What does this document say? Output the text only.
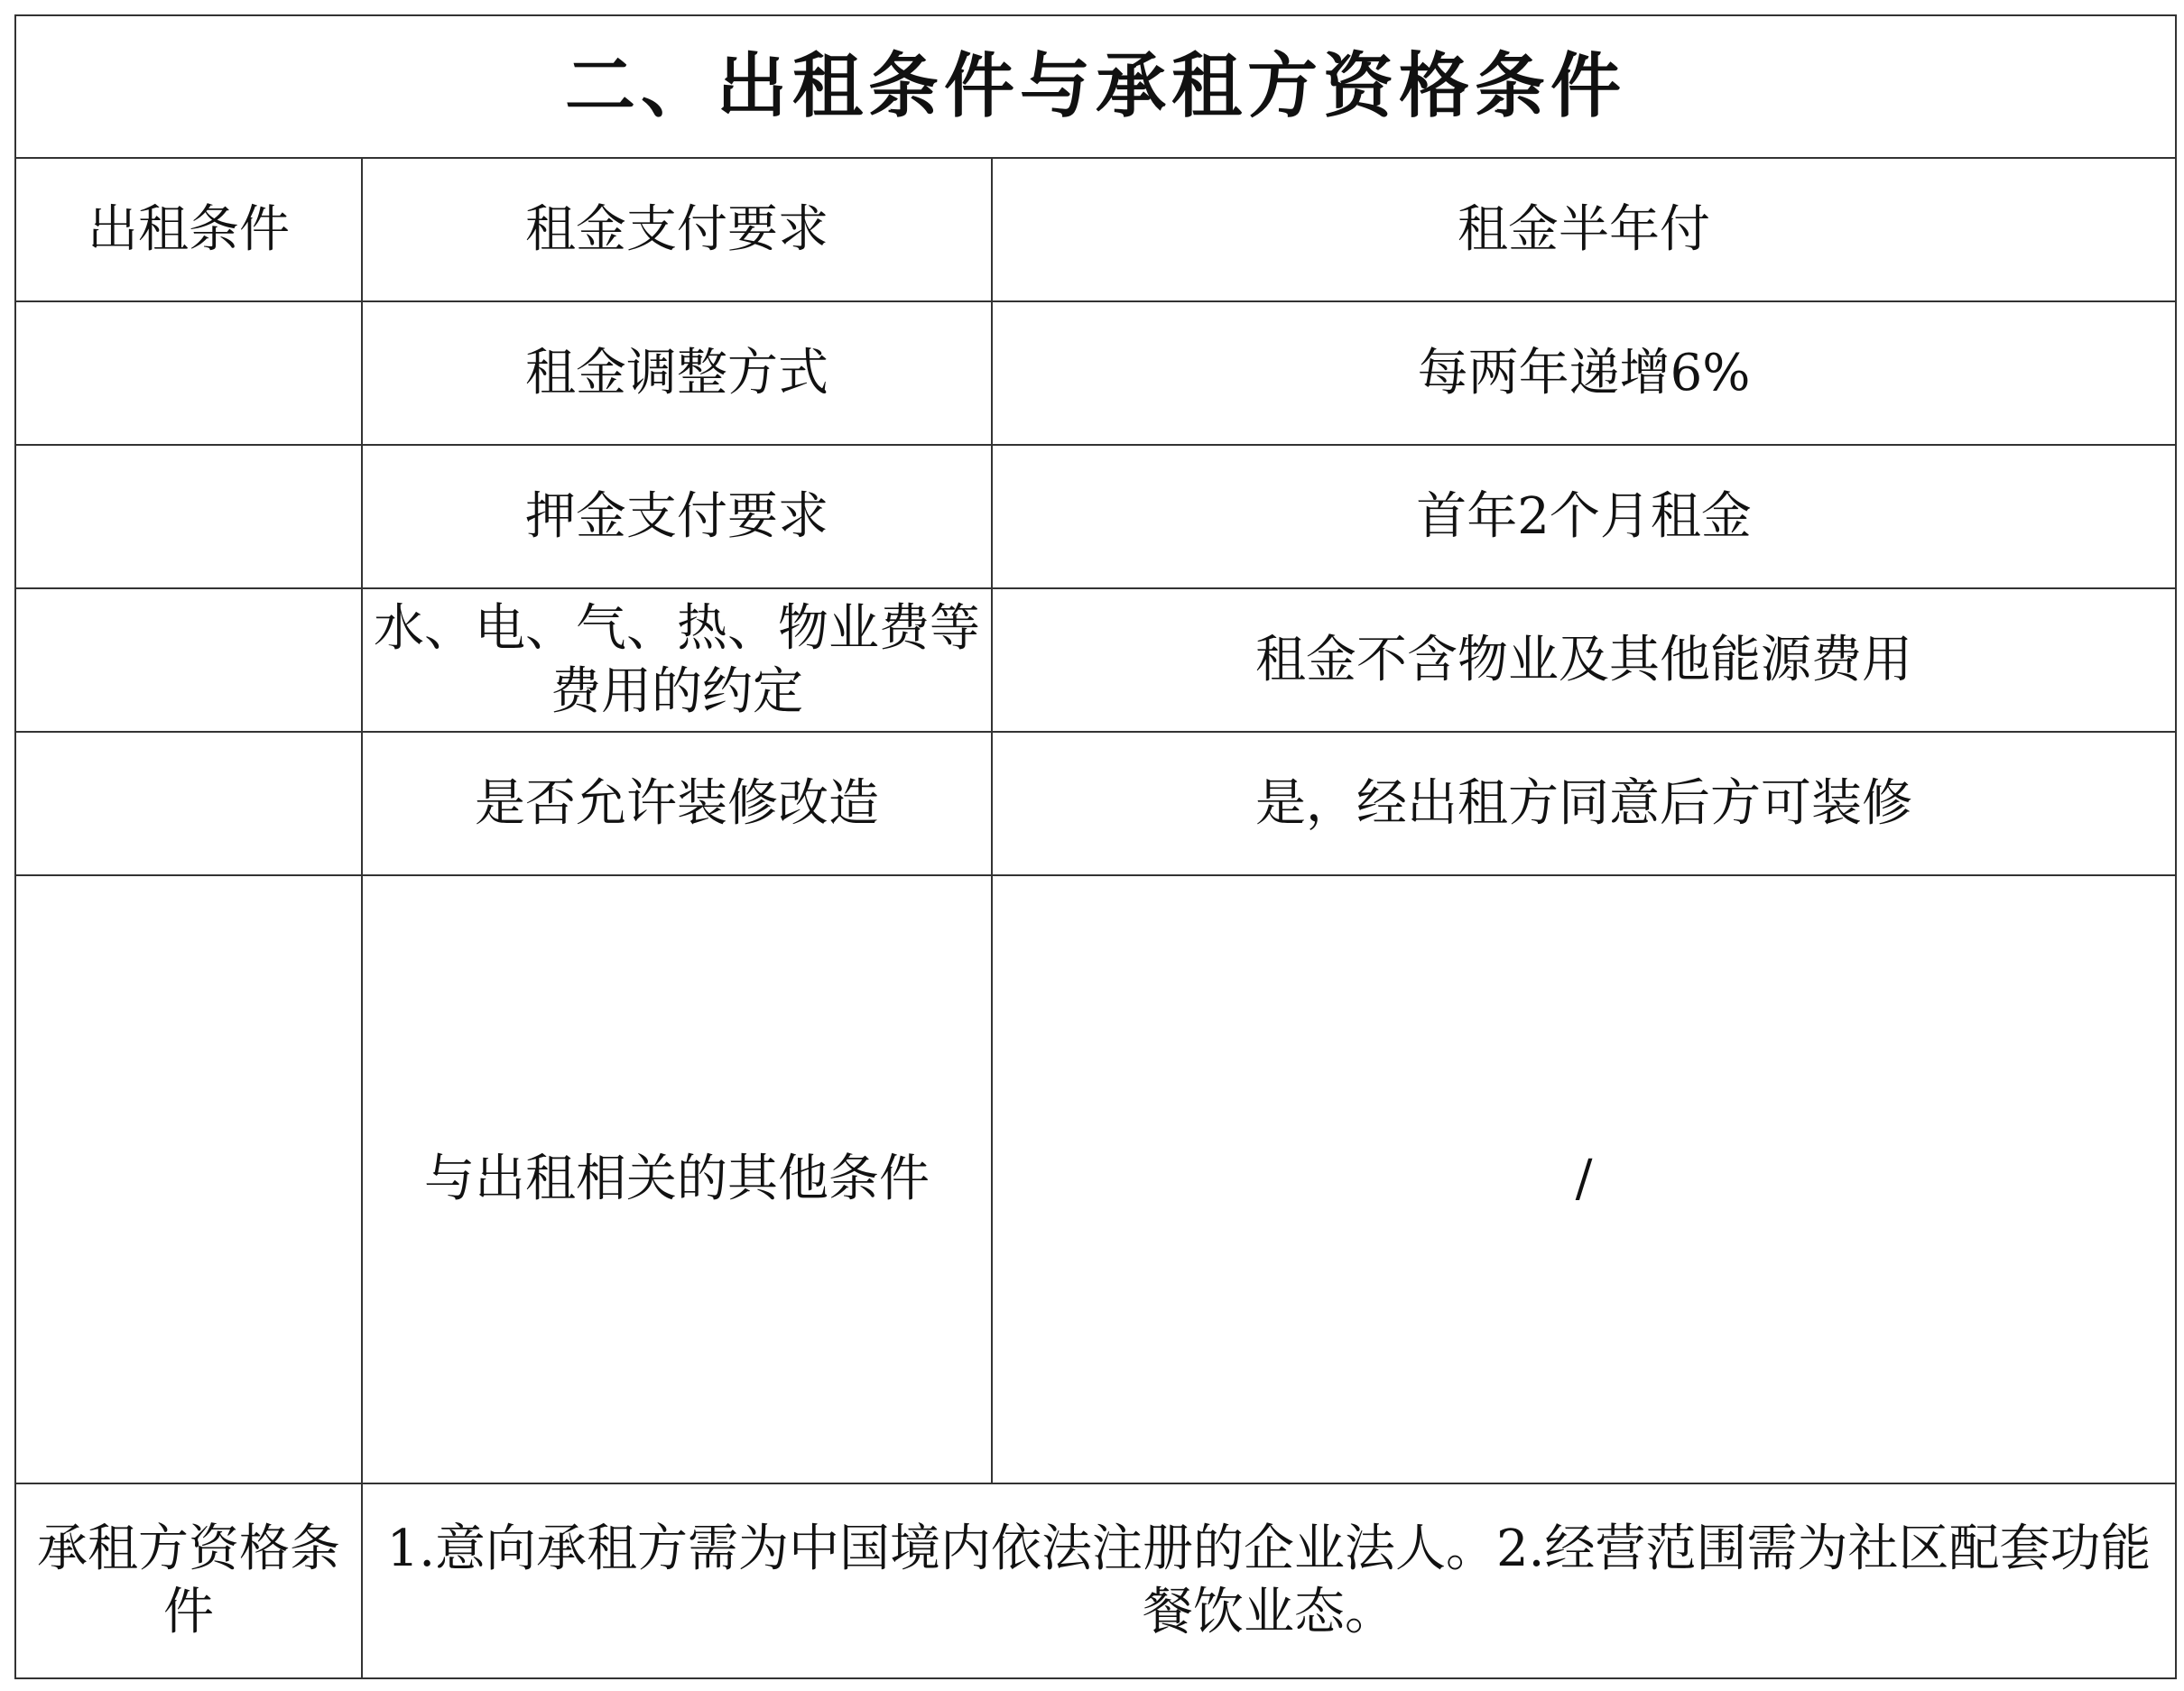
二、出租条件与承租方资格条件		
出租条件	租金支付要求	租金半年付
	租金调整方式	每两年递增6%
	押金支付要求	首年2个月租金
	水、电、气、热、物业费等费用的约定	租金不含物业及其他能源费用
	是否允许装修改造	是，经出租方同意后方可装修
	与出租相关的其他条件	/
承租方资格条件	1.意向承租方需为中国境内依法注册的企业法人。2.经营范围需为社区配套功能餐饮业态。	
